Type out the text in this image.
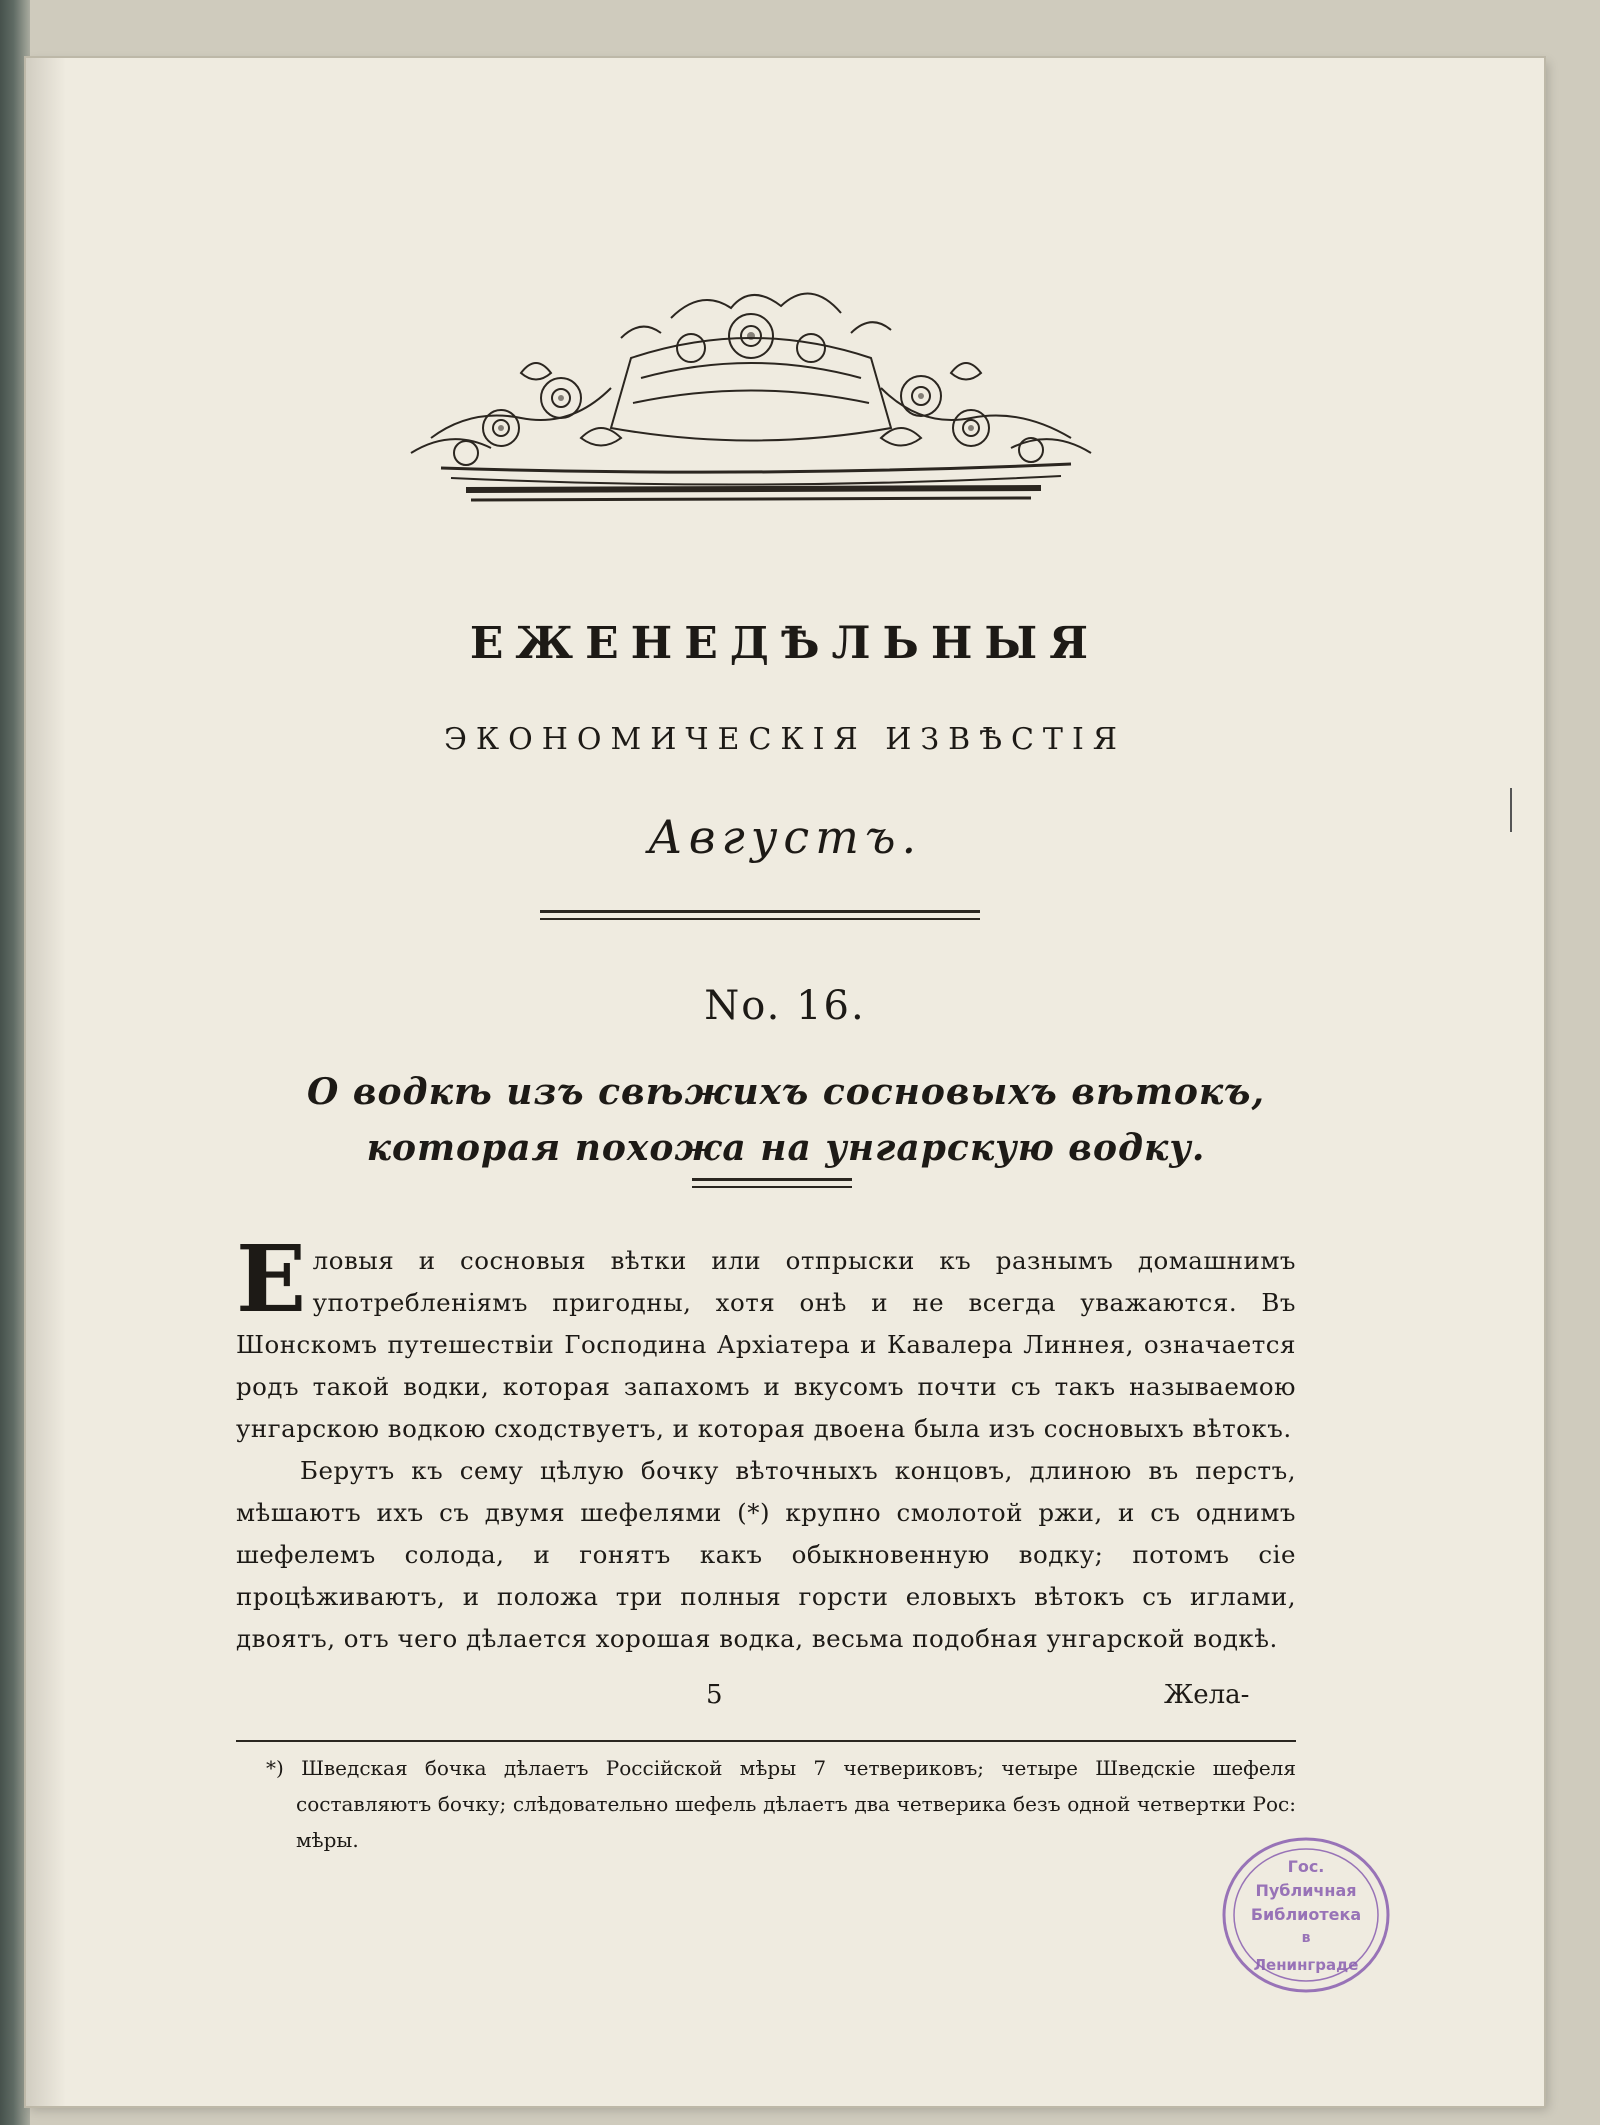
ЕЖЕНЕДѢЛЬНЫЯ
ЭКОНОМИЧЕСКІЯ ИЗВѢСТІЯ
Августъ.
No. 16.
О водкѣ изъ свѣжихъ сосновыхъ вѣтокъ, которая похожа на унгарскую водку.

Еловыя и сосновыя вѣтки или отпрыски къ разнымъ домашнимъ употребленіямъ пригодны, хотя онѣ и не всегда уважаются. Въ Шонскомъ путешествіи Господина Архіатера и Кавалера Линнея, означается родъ такой водки, которая запахомъ и вкусомъ почти съ такъ называемою унгарскою водкою сходствуетъ, и которая двоена была изъ сосновыхъ вѣтокъ.

Берутъ къ сему цѣлую бочку вѣточныхъ концовъ, длиною въ перстъ, мѣшаютъ ихъ съ двумя шефелями (*) крупно смолотой ржи, и съ однимъ шефелемъ солода, и гонятъ какъ обыкновенную водку; потомъ сіе процѣживаютъ, и положа три полныя горсти еловыхъ вѣтокъ съ иглами, двоятъ, отъ чего дѣлается хорошая водка, весьма подобная унгарской водкѣ.

5	Жела-
*) Шведская бочка дѣлаетъ Россійской мѣры 7 четвериковъ; четыре Шведскіе шефеля составляютъ бочку; слѣдовательно шефель дѣлаетъ два четверика безъ одной четвертки Рос: мѣры.
Гос.
Публичная
Библиотека
в
Ленинграде
